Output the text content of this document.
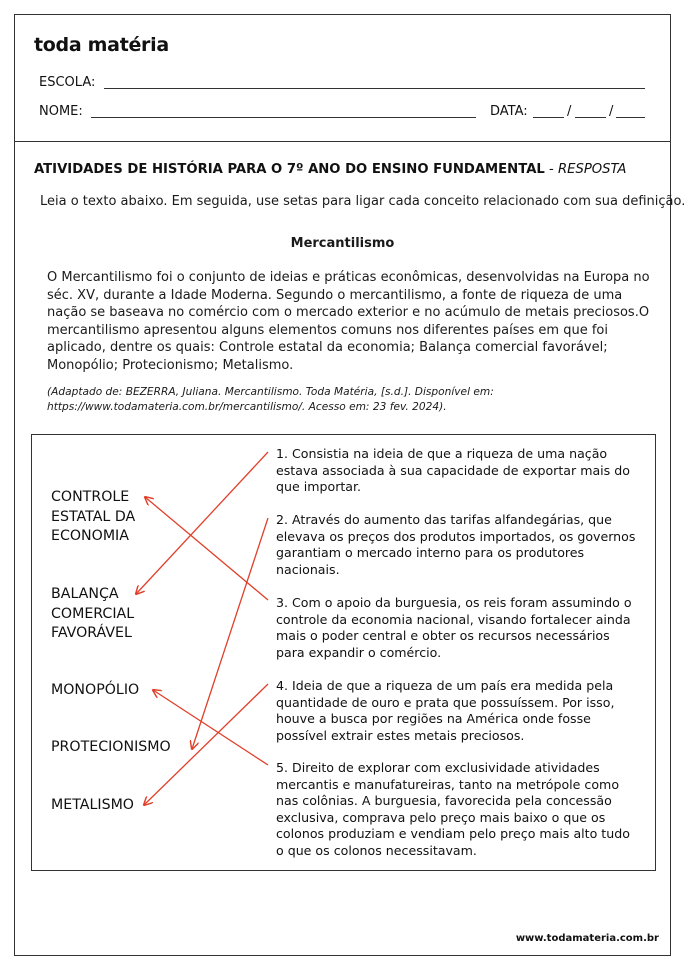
toda matéria
ESCOLA:
NOME:	DATA:	/	/
ATIVIDADES DE HISTÓRIA PARA O 7º ANO DO ENSINO FUNDAMENTAL - RESPOSTA
Leia o texto abaixo. Em seguida, use setas para ligar cada conceito relacionado com sua definição.
Mercantilismo

O Mercantilismo foi o conjunto de ideias e práticas econômicas, desenvolvidas na Europa no séc. XV, durante a Idade Moderna. Segundo o mercantilismo, a fonte de riqueza de uma nação se baseava no comércio com o mercado exterior e no acúmulo de metais preciosos.O mercantilismo apresentou alguns elementos comuns nos diferentes países em que foi aplicado, dentre os quais: Controle estatal da economia; Balança comercial favorável; Monopólio; Protecionismo; Metalismo.

(Adaptado de: BEZERRA, Juliana. Mercantilismo. Toda Matéria, [s.d.]. Disponível em: https://www.todamateria.com.br/mercantilismo/. Acesso em: 23 fev. 2024).

CONTROLE
ESTATAL DA
ECONOMIA
BALANÇA
COMERCIAL
FAVORÁVEL
MONOPÓLIO
PROTECIONISMO
METALISMO

1. Consistia na ideia de que a riqueza de uma nação estava associada à sua capacidade de exportar mais do que importar.

2. Através do aumento das tarifas alfandegárias, que elevava os preços dos produtos importados, os governos garantiam o mercado interno para os produtores nacionais.

3. Com o apoio da burguesia, os reis foram assumindo o controle da economia nacional, visando fortalecer ainda mais o poder central e obter os recursos necessários para expandir o comércio.

4. Ideia de que a riqueza de um país era medida pela quantidade de ouro e prata que possuíssem. Por isso, houve a busca por regiões na América onde fosse possível extrair estes metais preciosos.

5. Direito de explorar com exclusividade atividades mercantis e manufatureiras, tanto na metrópole como nas colônias. A burguesia, favorecida pela concessão exclusiva, comprava pelo preço mais baixo o que os colonos produziam e vendiam pelo preço mais alto tudo o que os colonos necessitavam.

www.todamateria.com.br
